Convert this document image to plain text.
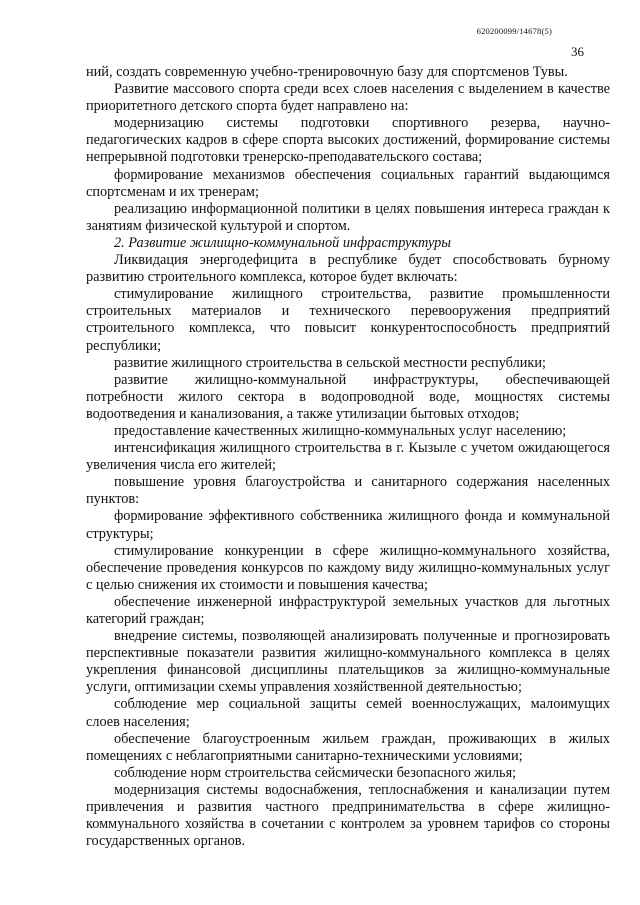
620200099/14678(5)
36

ний, создать современную учебно-тренировочную базу для спортсменов Тувы.

Развитие массового спорта среди всех слоев населения с выделением в качестве приоритетного детского спорта будет направлено на:

модернизацию системы подготовки спортивного резерва, научно-педагогических кадров в сфере спорта высоких достижений, формирование системы непрерывной подготовки тренерско-преподавательского состава;

формирование механизмов обеспечения социальных гарантий выдающимся спортсменам и их тренерам;

реализацию информационной политики в целях повышения интереса граждан к занятиям физической культурой и спортом.

2. Развитие жилищно-коммунальной инфраструктуры

Ликвидация энергодефицита в республике будет способствовать бурному развитию строительного комплекса, которое будет включать:

стимулирование жилищного строительства, развитие промышленности строительных материалов и технического перевооружения предприятий строительного комплекса, что повысит конкурентоспособность предприятий республики;

развитие жилищного строительства в сельской местности республики;

развитие жилищно-коммунальной инфраструктуры, обеспечивающей потребности жилого сектора в водопроводной воде, мощностях системы водоотведения и канализования, а также утилизации бытовых отходов;

предоставление качественных жилищно-коммунальных услуг населению;

интенсификация жилищного строительства в г. Кызыле с учетом ожидающегося увеличения числа его жителей;

повышение уровня благоустройства и санитарного содержания населенных пунктов:

формирование эффективного собственника жилищного фонда и коммунальной структуры;

стимулирование конкуренции в сфере жилищно-коммунального хозяйства, обеспечение проведения конкурсов по каждому виду жилищно-коммунальных услуг с целью снижения их стоимости и повышения качества;

обеспечение инженерной инфраструктурой земельных участков для льготных категорий граждан;

внедрение системы, позволяющей анализировать полученные и прогнозировать перспективные показатели развития жилищно-коммунального комплекса в целях укрепления финансовой дисциплины плательщиков за жилищно-коммунальные услуги, оптимизации схемы управления хозяйственной деятельностью;

соблюдение мер социальной защиты семей военнослужащих, малоимущих слоев населения;

обеспечение благоустроенным жильем граждан, проживающих в жилых помещениях с неблагоприятными санитарно-техническими условиями;

соблюдение норм строительства сейсмически безопасного жилья;

модернизация системы водоснабжения, теплоснабжения и канализации путем привлечения и развития частного предпринимательства в сфере жилищно-коммунального хозяйства в сочетании с контролем за уровнем тарифов со стороны государственных органов.
